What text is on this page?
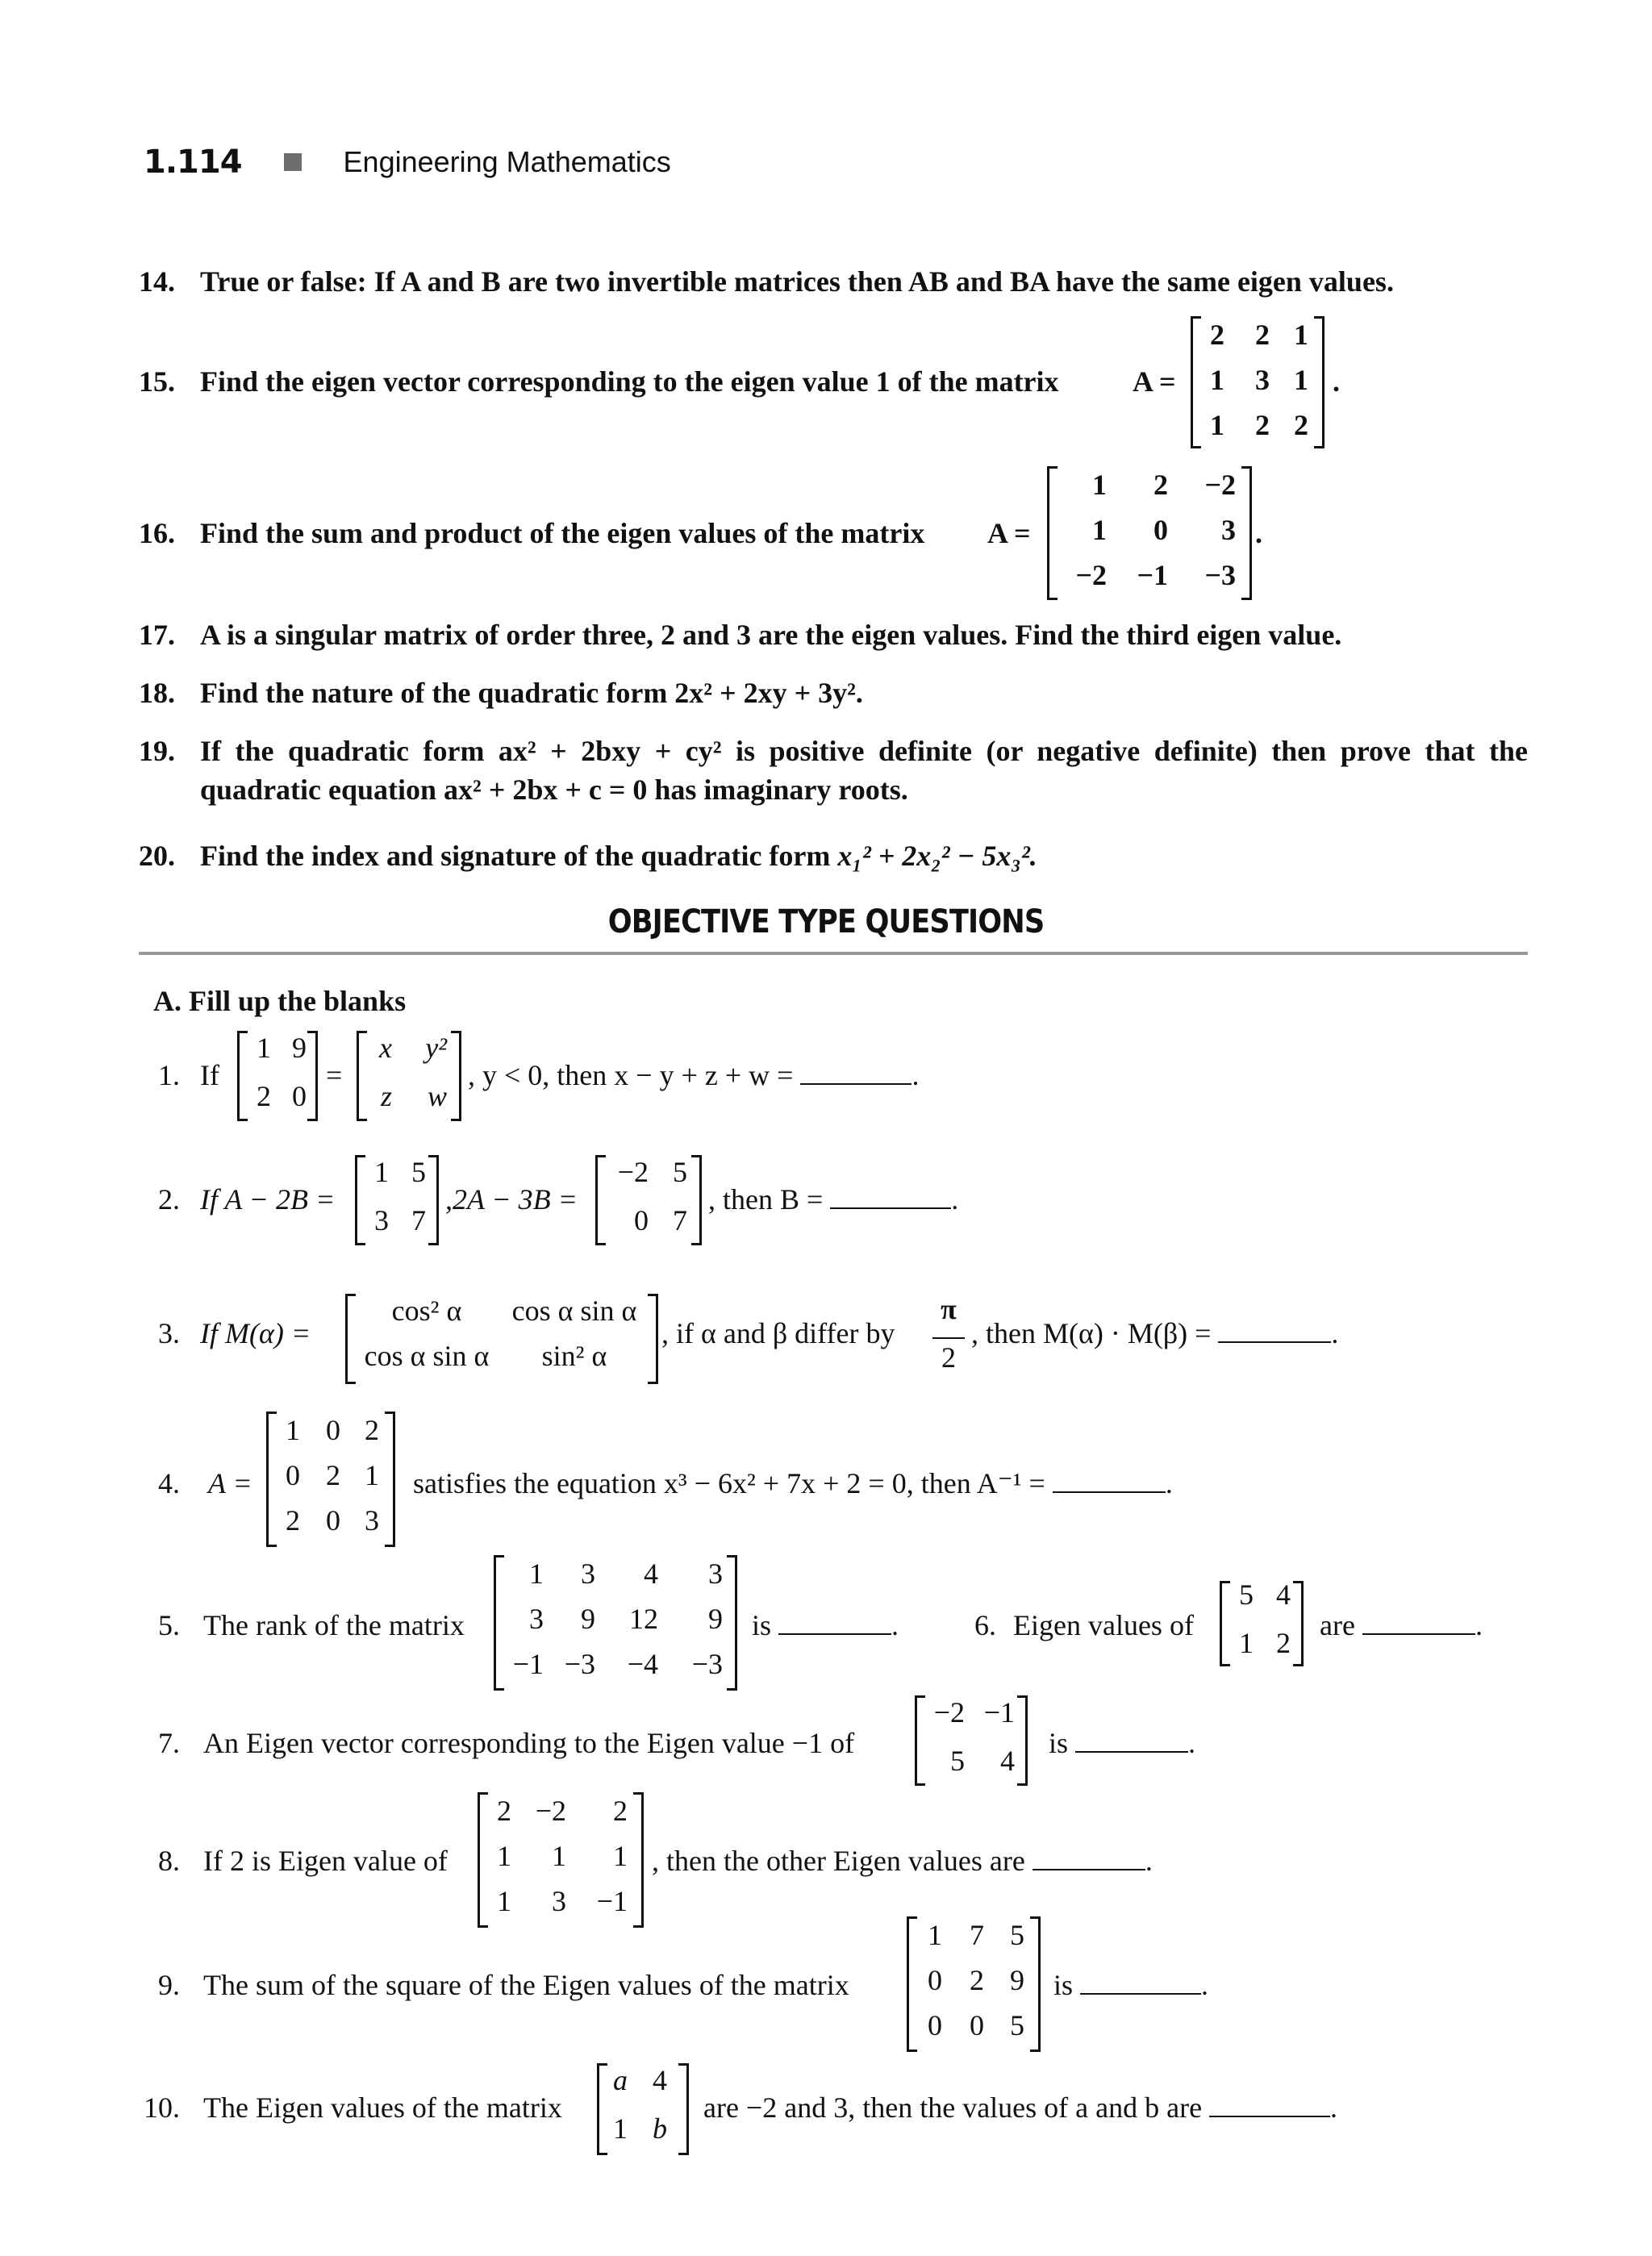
1.114	Engineering Mathematics
14. True or false: If A and B are two invertible matrices then AB and BA have the same eigen values.
15. Find the eigen vector corresponding to the eigen value 1 of the matrix	A =
2	2 1
1	3 1
1	2 2
.
16. Find the sum and product of the eigen values of the matrix A =
1	2	−2
1	0	3
−2	−1	−3
.
17. A is a singular matrix of order three, 2 and 3 are the eigen values. Find the third eigen value.
18. Find the nature of the quadratic form 2x² + 2xy + 3y².
19. If the quadratic form ax² + 2bxy + cy² is positive definite (or negative definite) then prove that the
quadratic equation ax² + 2bx + c = 0 has imaginary roots.
20. Find the index and signature of the quadratic form x₁² + 2x₂² − 5x₃².
OBJECTIVE TYPE QUESTIONS
A. Fill up the blanks
1. If
1 9
2 0
=
x	y²
z	w
, y < 0, then x − y + z + w =	.
2. If A − 2B =
1 5
3 7
,2A − 3B =
−2 5
0 7
, then B =	.
3. If M(α) =
cos² α	cos α sin α
cos α sin α	sin² α
, if α and β differ by
π
2
, then M(α) · M(β) =	.
4. A =
1 0 2
0 2 1
2 0 3
satisfies the equation x³ − 6x² + 7x + 2 = 0, then A⁻¹ =	.
5. The rank of the matrix
1	3	4	3
3	9	12	9
−1 −3	−4	−3
is	.	6. Eigen values of
5 4
1 2
are	.
7. An Eigen vector corresponding to the Eigen value −1 of
−2 −1
5	4
is	.
8. If 2 is Eigen value of
2 −2	2
1	1	1
1	3	−1
, then the other Eigen values are	.
9. The sum of the square of the Eigen values of the matrix
1 7 5
0 2 9
0 0 5
is	.
10. The Eigen values of the matrix
a 4
1 b
are −2 and 3, then the values of a and b are	.
